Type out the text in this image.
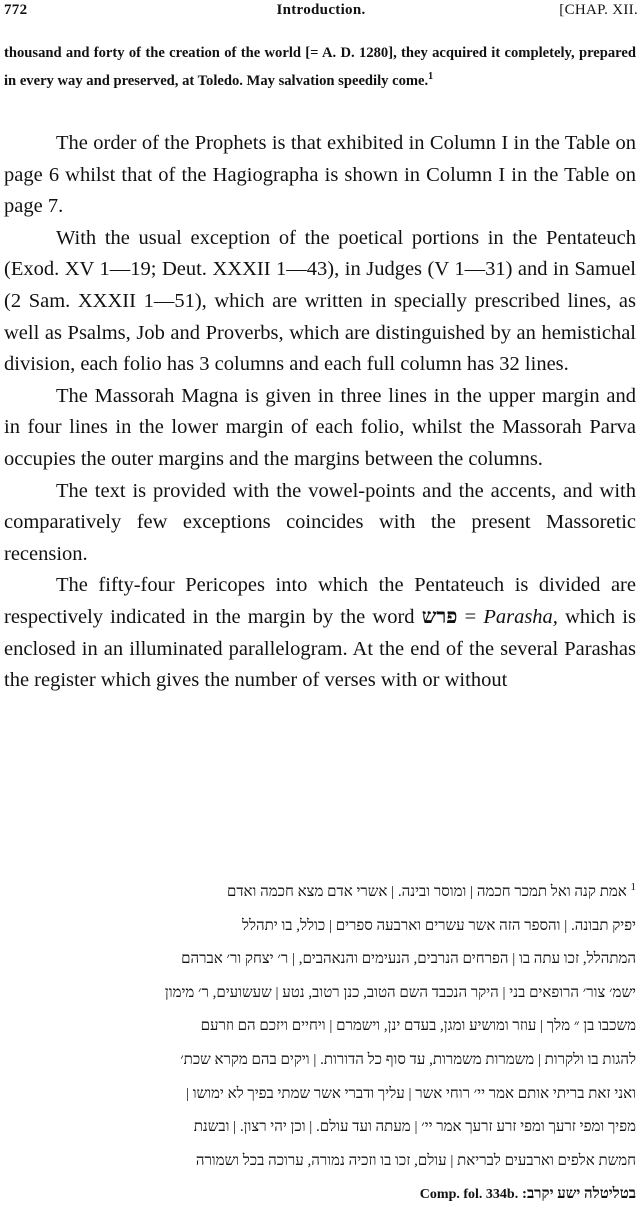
772	Introduction.	[CHAP. XII.
thousand and forty of the creation of the world [= A. D. 1280], they acquired it completely, prepared in every way and preserved, at Toledo. May salvation speedily come.$^1$

The order of the Prophets is that exhibited in Column I in the Table on page 6 whilst that of the Hagiographa is shown in Column I in the Table on page 7.

With the usual exception of the poetical portions in the Pentateuch (Exod. XV 1—19; Deut. XXXII 1—43), in Judges (V 1—31) and in Samuel (2 Sam. XXXII 1—51), which are written in specially prescribed lines, as well as Psalms, Job and Proverbs, which are distinguished by an hemistichal division, each folio has 3 columns and each full column has 32 lines.

The Massorah Magna is given in three lines in the upper margin and in four lines in the lower margin of each folio, whilst the Massorah Parva occupies the outer margins and the margins between the columns.

The text is provided with the vowel-points and the accents, and with comparatively few exceptions coincides with the present Massoretic recension.

The fifty-four Pericopes into which the Pentateuch is divided are respectively indicated in the margin by the word פרש = Parasha, which is enclosed in an illuminated parallelogram. At the end of the several Parashas the register which gives the number of verses with or without

$^1$ אמת קנה ואל תמכר חכמה | ומוסר ובינה. | אשרי אדם מצא חכמה ואדם
יפיק תבונה. | והספר הזה אשר עשרים וארבעה ספרים | כולל, בו יתהלל
המתהלל, זכו עתה בו | הפרחים הנרבים, הנעימים והנאהבים, | ר׳ יצחק ור׳ אברהם
ישמ׳ צור׳ הרופאים בני | היקר הנכבד השם הטוב, כנן רטוב, נטע | שעשועים, ר׳ מימון
משכבו בן ״ מלך | עוזר ומושיע ומגן, בעדם ינן, וישמרם | ויחיים ויזכם הם וזרעם
להגות בו ולקרות | משמרות משמרות, עד סוף כל הדורות. | ויקים בהם מקרא שכת׳
ואני זאת בריתי אותם אמר יי׳ רוחי אשר | עליך ודברי אשר שמתי בפיך לא ימושו |
מפיך ומפי זרעך ומפי זרע זרעך אמר יי׳ | מעתה ועד עולם. | וכן יהי רצון. | ובשנת
חמשת אלפים וארבעים לבריאת | עולם, זכו בו וזכיה נמורה, ערוכה בכל ושמורה
בטליטלה ישע יקרב: Comp. fol. 334b.
